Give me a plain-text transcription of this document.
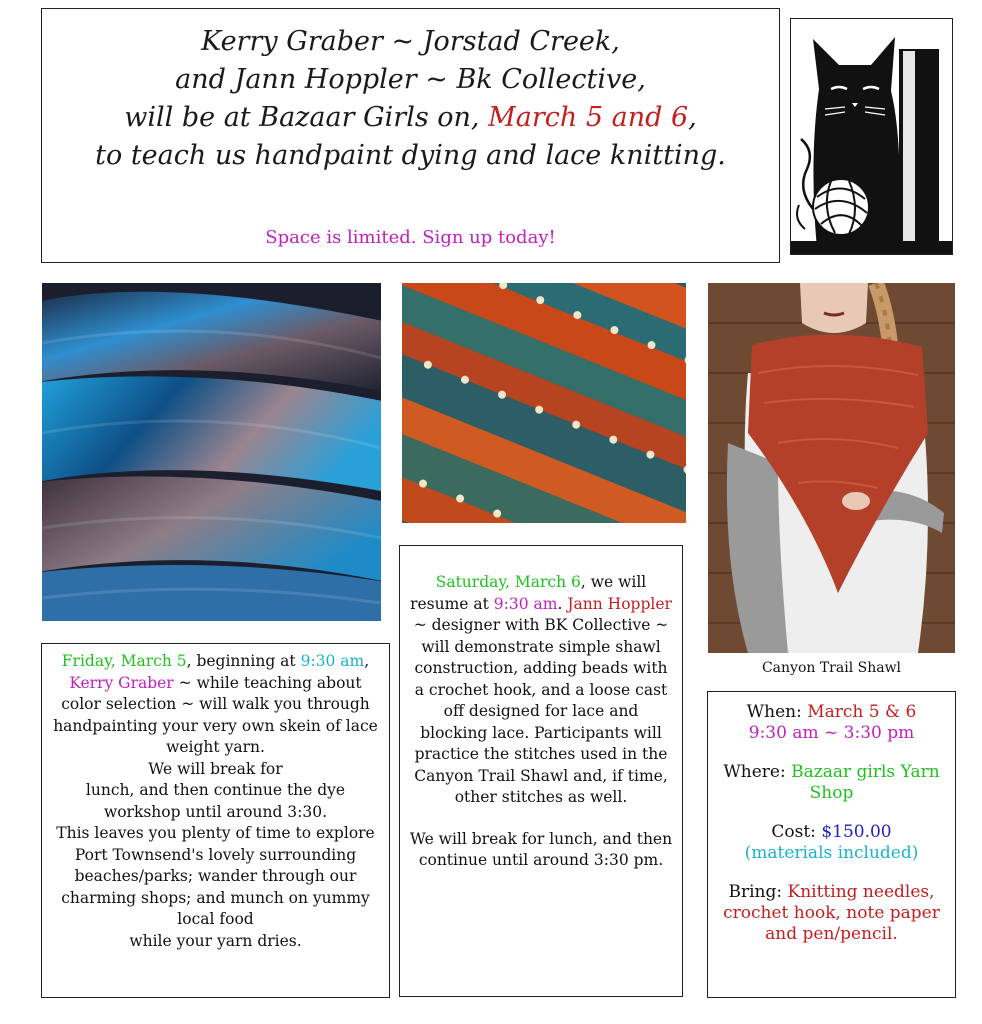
Kerry Graber ~ Jorstad Creek,
and Jann Hoppler ~ Bk Collective,
will be at Bazaar Girls on, March 5 and 6,
to teach us handpaint dying and lace knitting.
Space is limited. Sign up today!
Friday, March 5, beginning at 9:30 am, Kerry Graber ~ while teaching about color selection ~ will walk you through handpainting your very own skein of lace weight yarn.
We will break for
lunch, and then continue the dye workshop until around 3:30.
This leaves you plenty of time to explore Port Townsend's lovely surrounding beaches/parks; wander through our charming shops; and munch on yummy local food
while your yarn dries.
Saturday, March 6, we will resume at 9:30 am. Jann Hoppler ~ designer with BK Collective ~ will demonstrate simple shawl construction, adding beads with a crochet hook, and a loose cast off designed for lace and blocking lace. Participants will practice the stitches used in the Canyon Trail Shawl and, if time, other stitches as well.
We will break for lunch, and then continue until around 3:30 pm.
Canyon Trail Shawl

When: March 5 & 6
9:30 am ~ 3:30 pm

Where: Bazaar girls Yarn Shop

Cost: $150.00
(materials included)

Bring: Knitting needles, crochet hook, note paper and pen/pencil.
